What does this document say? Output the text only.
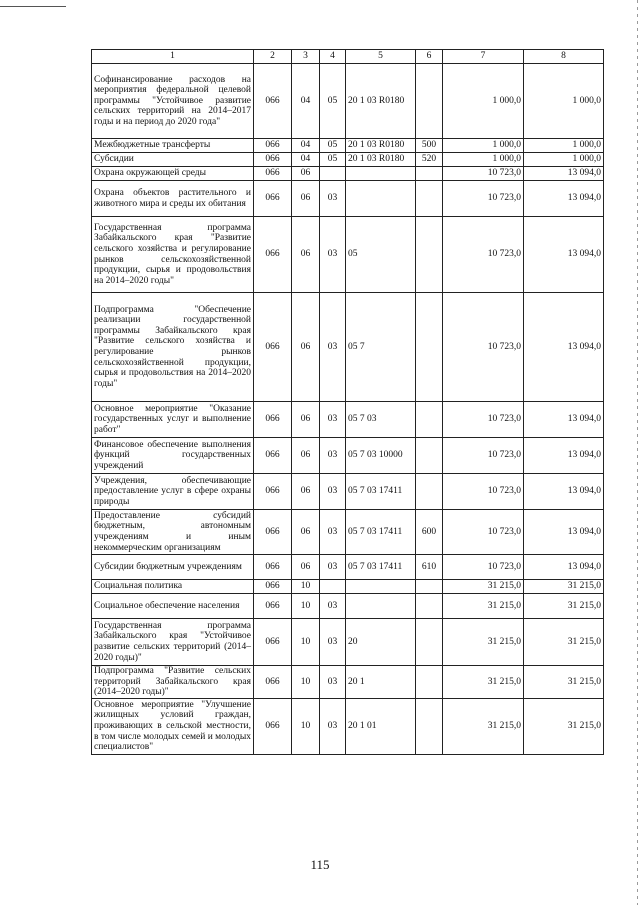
1	2	3	4	5	6	7	8
Софинансирование расходов на мероприятия федеральной целевой программы "Устойчивое развитие сельских территорий на 2014–2017 годы и на период до 2020 года"	066	04	05	20 1 03 R0180		1 000,0	1 000,0
Межбюджетные трансферты	066	04	05	20 1 03 R0180	500	1 000,0	1 000,0
Субсидии	066	04	05	20 1 03 R0180	520	1 000,0	1 000,0
Охрана окружающей среды	066	06				10 723,0	13 094,0
Охрана объектов растительного и животного мира и среды их обитания	066	06	03			10 723,0	13 094,0
Государственная программа Забайкальского края "Развитие сельского хозяйства и регулирование рынков сельскохозяйственной продукции, сырья и продовольствия на 2014–2020 годы"	066	06	03	05		10 723,0	13 094,0
Подпрограмма "Обеспечение реализации государственной программы Забайкальского края "Развитие сельского хозяйства и регулирование рынков сельскохозяйственной продукции, сырья и продовольствия на 2014–2020 годы"	066	06	03	05 7		10 723,0	13 094,0
Основное мероприятие "Оказание государственных услуг и выполнение работ"	066	06	03	05 7 03		10 723,0	13 094,0
Финансовое обеспечение выполнения функций государственных учреждений	066	06	03	05 7 03 10000		10 723,0	13 094,0
Учреждения, обеспечивающие предоставление услуг в сфере охраны природы	066	06	03	05 7 03 17411		10 723,0	13 094,0
Предоставление субсидий бюджетным, автономным учреждениям и иным некоммерческим организациям	066	06	03	05 7 03 17411	600	10 723,0	13 094,0
Субсидии бюджетным учреждениям	066	06	03	05 7 03 17411	610	10 723,0	13 094,0
Социальная политика	066	10				31 215,0	31 215,0
Социальное обеспечение населения	066	10	03			31 215,0	31 215,0
Государственная программа Забайкальского края "Устойчивое развитие сельских территорий (2014–2020 годы)"	066	10	03	20		31 215,0	31 215,0
Подпрограмма "Развитие сельских территорий Забайкальского края (2014–2020 годы)"	066	10	03	20 1		31 215,0	31 215,0
Основное мероприятие "Улучшение жилищных условий граждан, проживающих в сельской местности, в том числе молодых семей и молодых специалистов"	066	10	03	20 1 01		31 215,0	31 215,0
115
